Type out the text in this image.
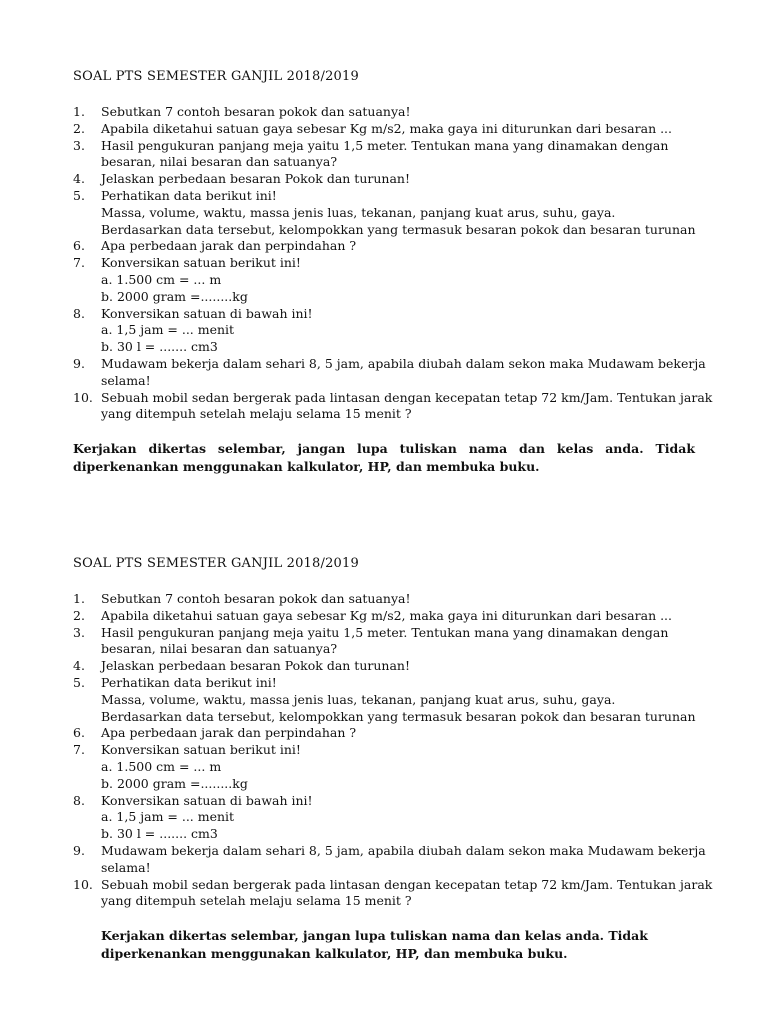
SOAL PTS SEMESTER GANJIL 2018/2019
1. Sebutkan 7 contoh besaran pokok dan satuanya!
2. Apabila diketahui satuan gaya sebesar Kg m/s2, maka gaya ini diturunkan dari besaran ...
3. Hasil pengukuran panjang meja yaitu 1,5 meter. Tentukan mana yang dinamakan dengan
besaran, nilai besaran dan satuanya?
4. Jelaskan perbedaan besaran Pokok dan turunan!
5. Perhatikan data berikut ini!
Massa, volume, waktu, massa jenis luas, tekanan, panjang kuat arus, suhu, gaya.
Berdasarkan data tersebut, kelompokkan yang termasuk besaran pokok dan besaran turunan
6. Apa perbedaan jarak dan perpindahan ?
7. Konversikan satuan berikut ini!
a. 1.500 cm = ... m
b. 2000 gram =........kg
8. Konversikan satuan di bawah ini!
a. 1,5 jam = ... menit
b. 30 l = ....... cm3
9. Mudawam bekerja dalam sehari 8, 5 jam, apabila diubah dalam sekon maka Mudawam bekerja
selama!
10. Sebuah mobil sedan bergerak pada lintasan dengan kecepatan tetap 72 km/Jam. Tentukan jarak
yang ditempuh setelah melaju selama 15 menit ?
Kerjakan dikertas selembar, jangan lupa tuliskan nama dan kelas anda. Tidak diperkenankan menggunakan kalkulator, HP, dan membuka buku.
SOAL PTS SEMESTER GANJIL 2018/2019
1. Sebutkan 7 contoh besaran pokok dan satuanya!
2. Apabila diketahui satuan gaya sebesar Kg m/s2, maka gaya ini diturunkan dari besaran ...
3. Hasil pengukuran panjang meja yaitu 1,5 meter. Tentukan mana yang dinamakan dengan
besaran, nilai besaran dan satuanya?
4. Jelaskan perbedaan besaran Pokok dan turunan!
5. Perhatikan data berikut ini!
Massa, volume, waktu, massa jenis luas, tekanan, panjang kuat arus, suhu, gaya.
Berdasarkan data tersebut, kelompokkan yang termasuk besaran pokok dan besaran turunan
6. Apa perbedaan jarak dan perpindahan ?
7. Konversikan satuan berikut ini!
a. 1.500 cm = ... m
b. 2000 gram =........kg
8. Konversikan satuan di bawah ini!
a. 1,5 jam = ... menit
b. 30 l = ....... cm3
9. Mudawam bekerja dalam sehari 8, 5 jam, apabila diubah dalam sekon maka Mudawam bekerja
selama!
10. Sebuah mobil sedan bergerak pada lintasan dengan kecepatan tetap 72 km/Jam. Tentukan jarak
yang ditempuh setelah melaju selama 15 menit ?
Kerjakan dikertas selembar, jangan lupa tuliskan nama dan kelas anda. Tidak
diperkenankan menggunakan kalkulator, HP, dan membuka buku.
